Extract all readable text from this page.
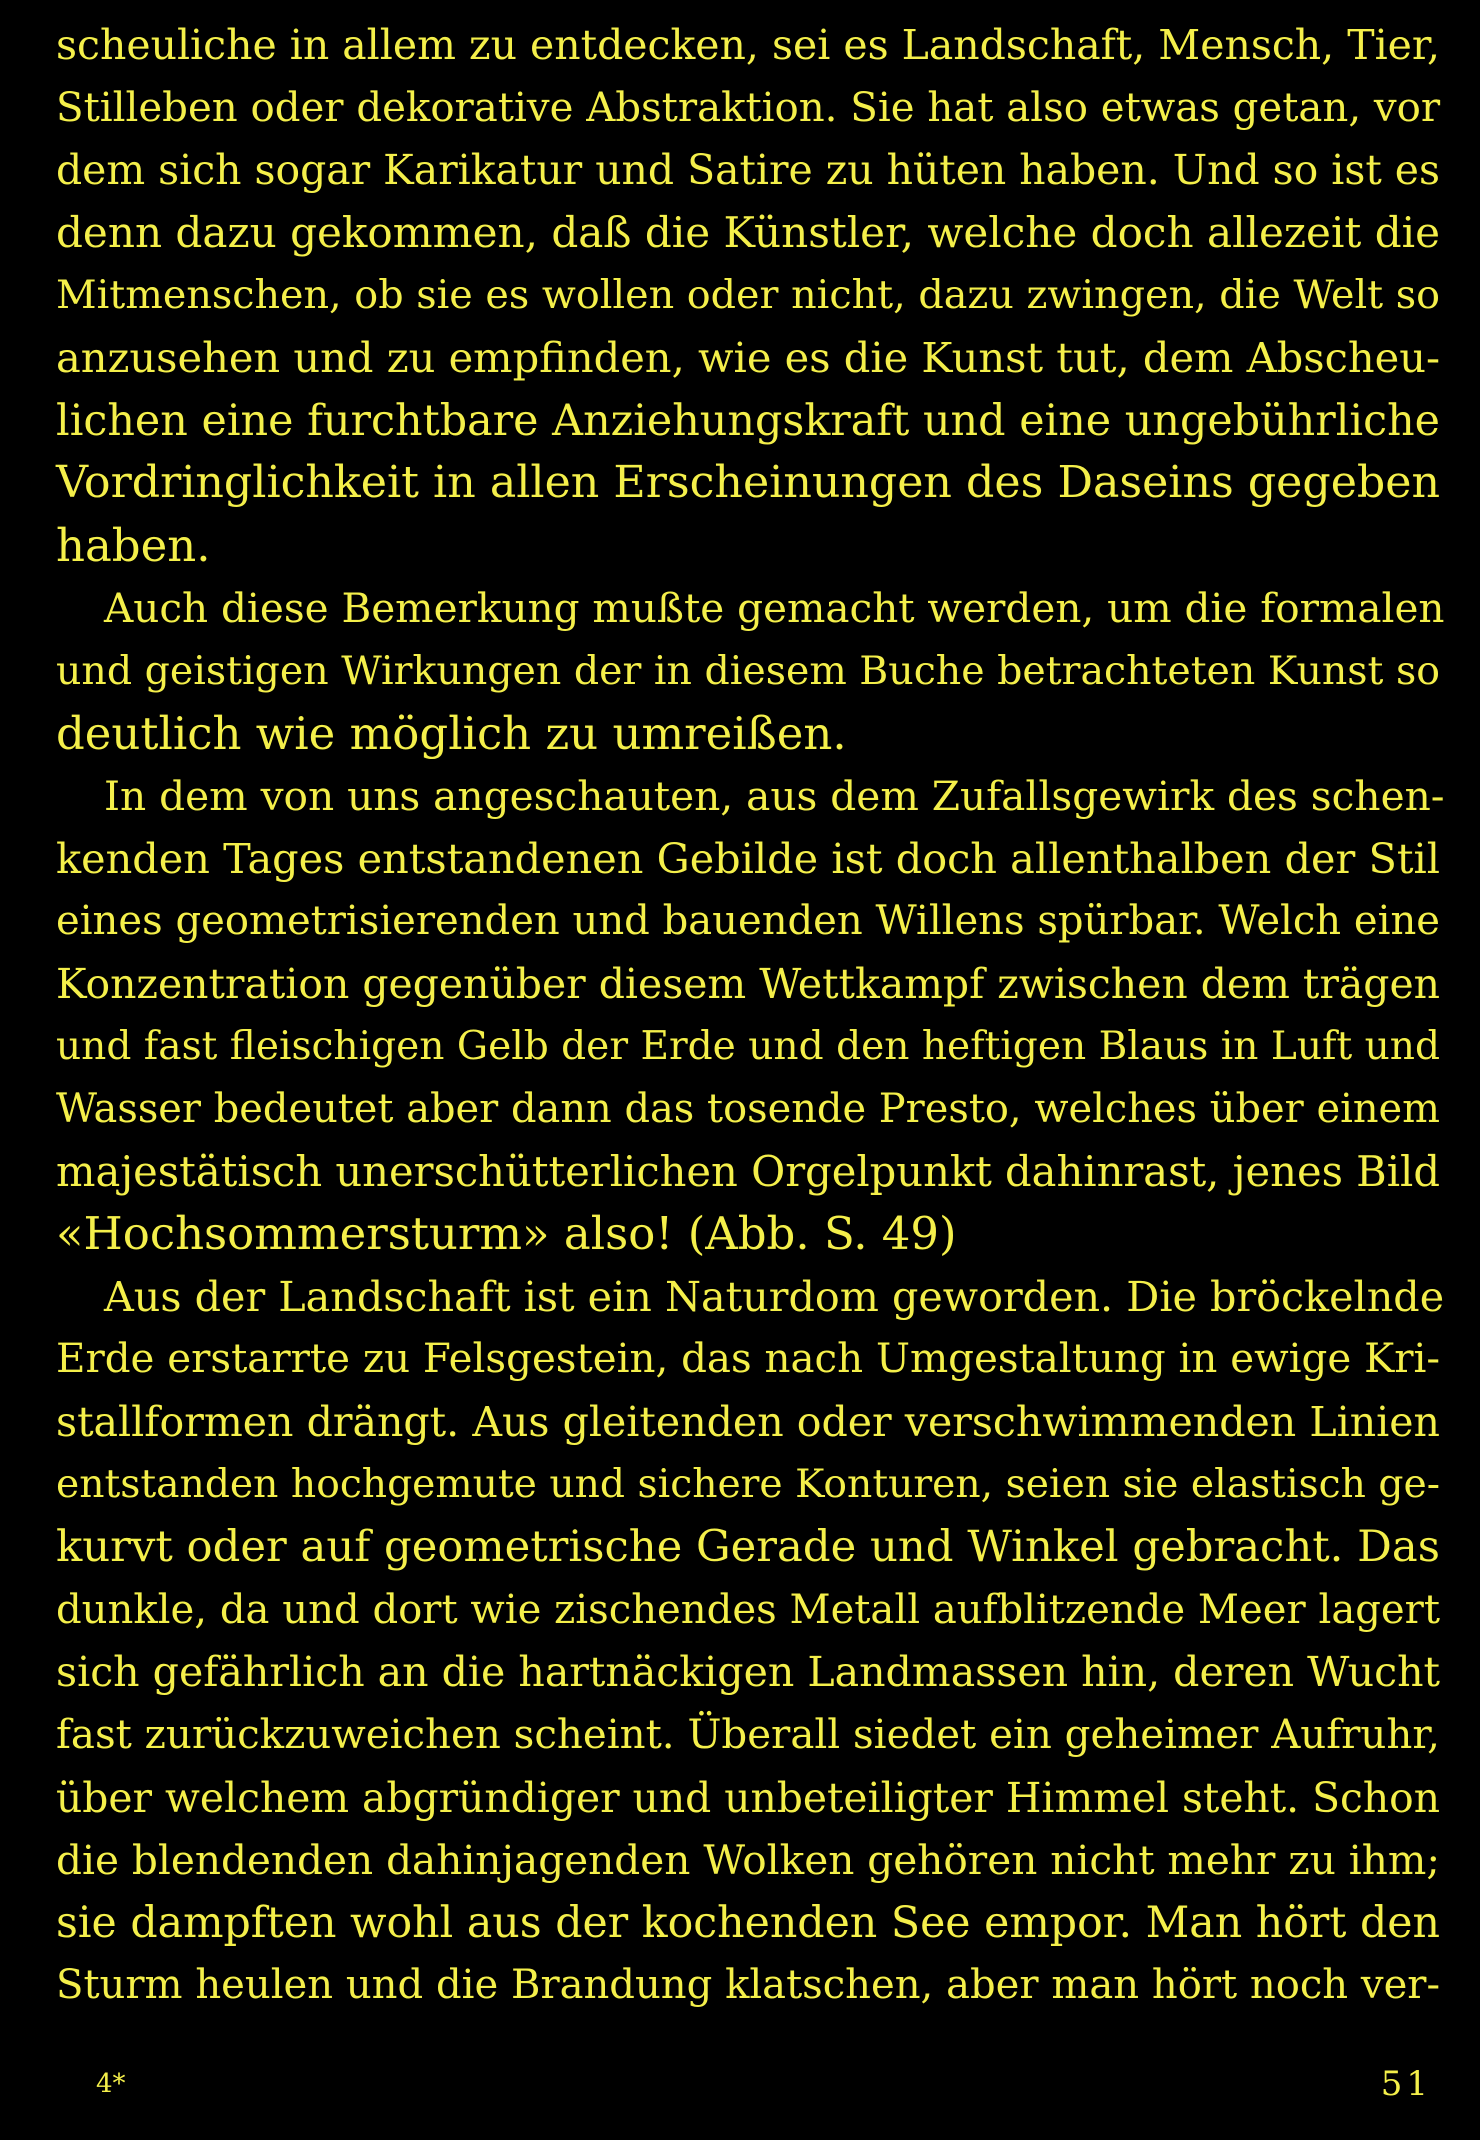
scheuliche in allem zu entdecken, sei es Landschaft, Mensch, Tier,
Stilleben oder dekorative Abstraktion. Sie hat also etwas getan, vor
dem sich sogar Karikatur und Satire zu hüten haben. Und so ist es
denn dazu gekommen, daß die Künstler, welche doch allezeit die
Mitmenschen, ob sie es wollen oder nicht, dazu zwingen, die Welt so
anzusehen und zu empfinden, wie es die Kunst tut, dem Abscheu-
lichen eine furchtbare Anziehungskraft und eine ungebührliche
Vordringlichkeit in allen Erscheinungen des Daseins gegeben
haben.

Auch diese Bemerkung mußte gemacht werden, um die formalen
und geistigen Wirkungen der in diesem Buche betrachteten Kunst so
deutlich wie möglich zu umreißen.

In dem von uns angeschauten, aus dem Zufallsgewirk des schen-
kenden Tages entstandenen Gebilde ist doch allenthalben der Stil
eines geometrisierenden und bauenden Willens spürbar. Welch eine
Konzentration gegenüber diesem Wettkampf zwischen dem trägen
und fast fleischigen Gelb der Erde und den heftigen Blaus in Luft und
Wasser bedeutet aber dann das tosende Presto, welches über einem
majestätisch unerschütterlichen Orgelpunkt dahinrast, jenes Bild
«Hochsommersturm» also! (Abb. S. 49)

Aus der Landschaft ist ein Naturdom geworden. Die bröckelnde
Erde erstarrte zu Felsgestein, das nach Umgestaltung in ewige Kri-
stallformen drängt. Aus gleitenden oder verschwimmenden Linien
entstanden hochgemute und sichere Konturen, seien sie elastisch ge-
kurvt oder auf geometrische Gerade und Winkel gebracht. Das
dunkle, da und dort wie zischendes Metall aufblitzende Meer lagert
sich gefährlich an die hartnäckigen Landmassen hin, deren Wucht
fast zurückzuweichen scheint. Überall siedet ein geheimer Aufruhr,
über welchem abgründiger und unbeteiligter Himmel steht. Schon
die blendenden dahinjagenden Wolken gehören nicht mehr zu ihm;
sie dampften wohl aus der kochenden See empor. Man hört den
Sturm heulen und die Brandung klatschen, aber man hört noch ver-

4*	51
